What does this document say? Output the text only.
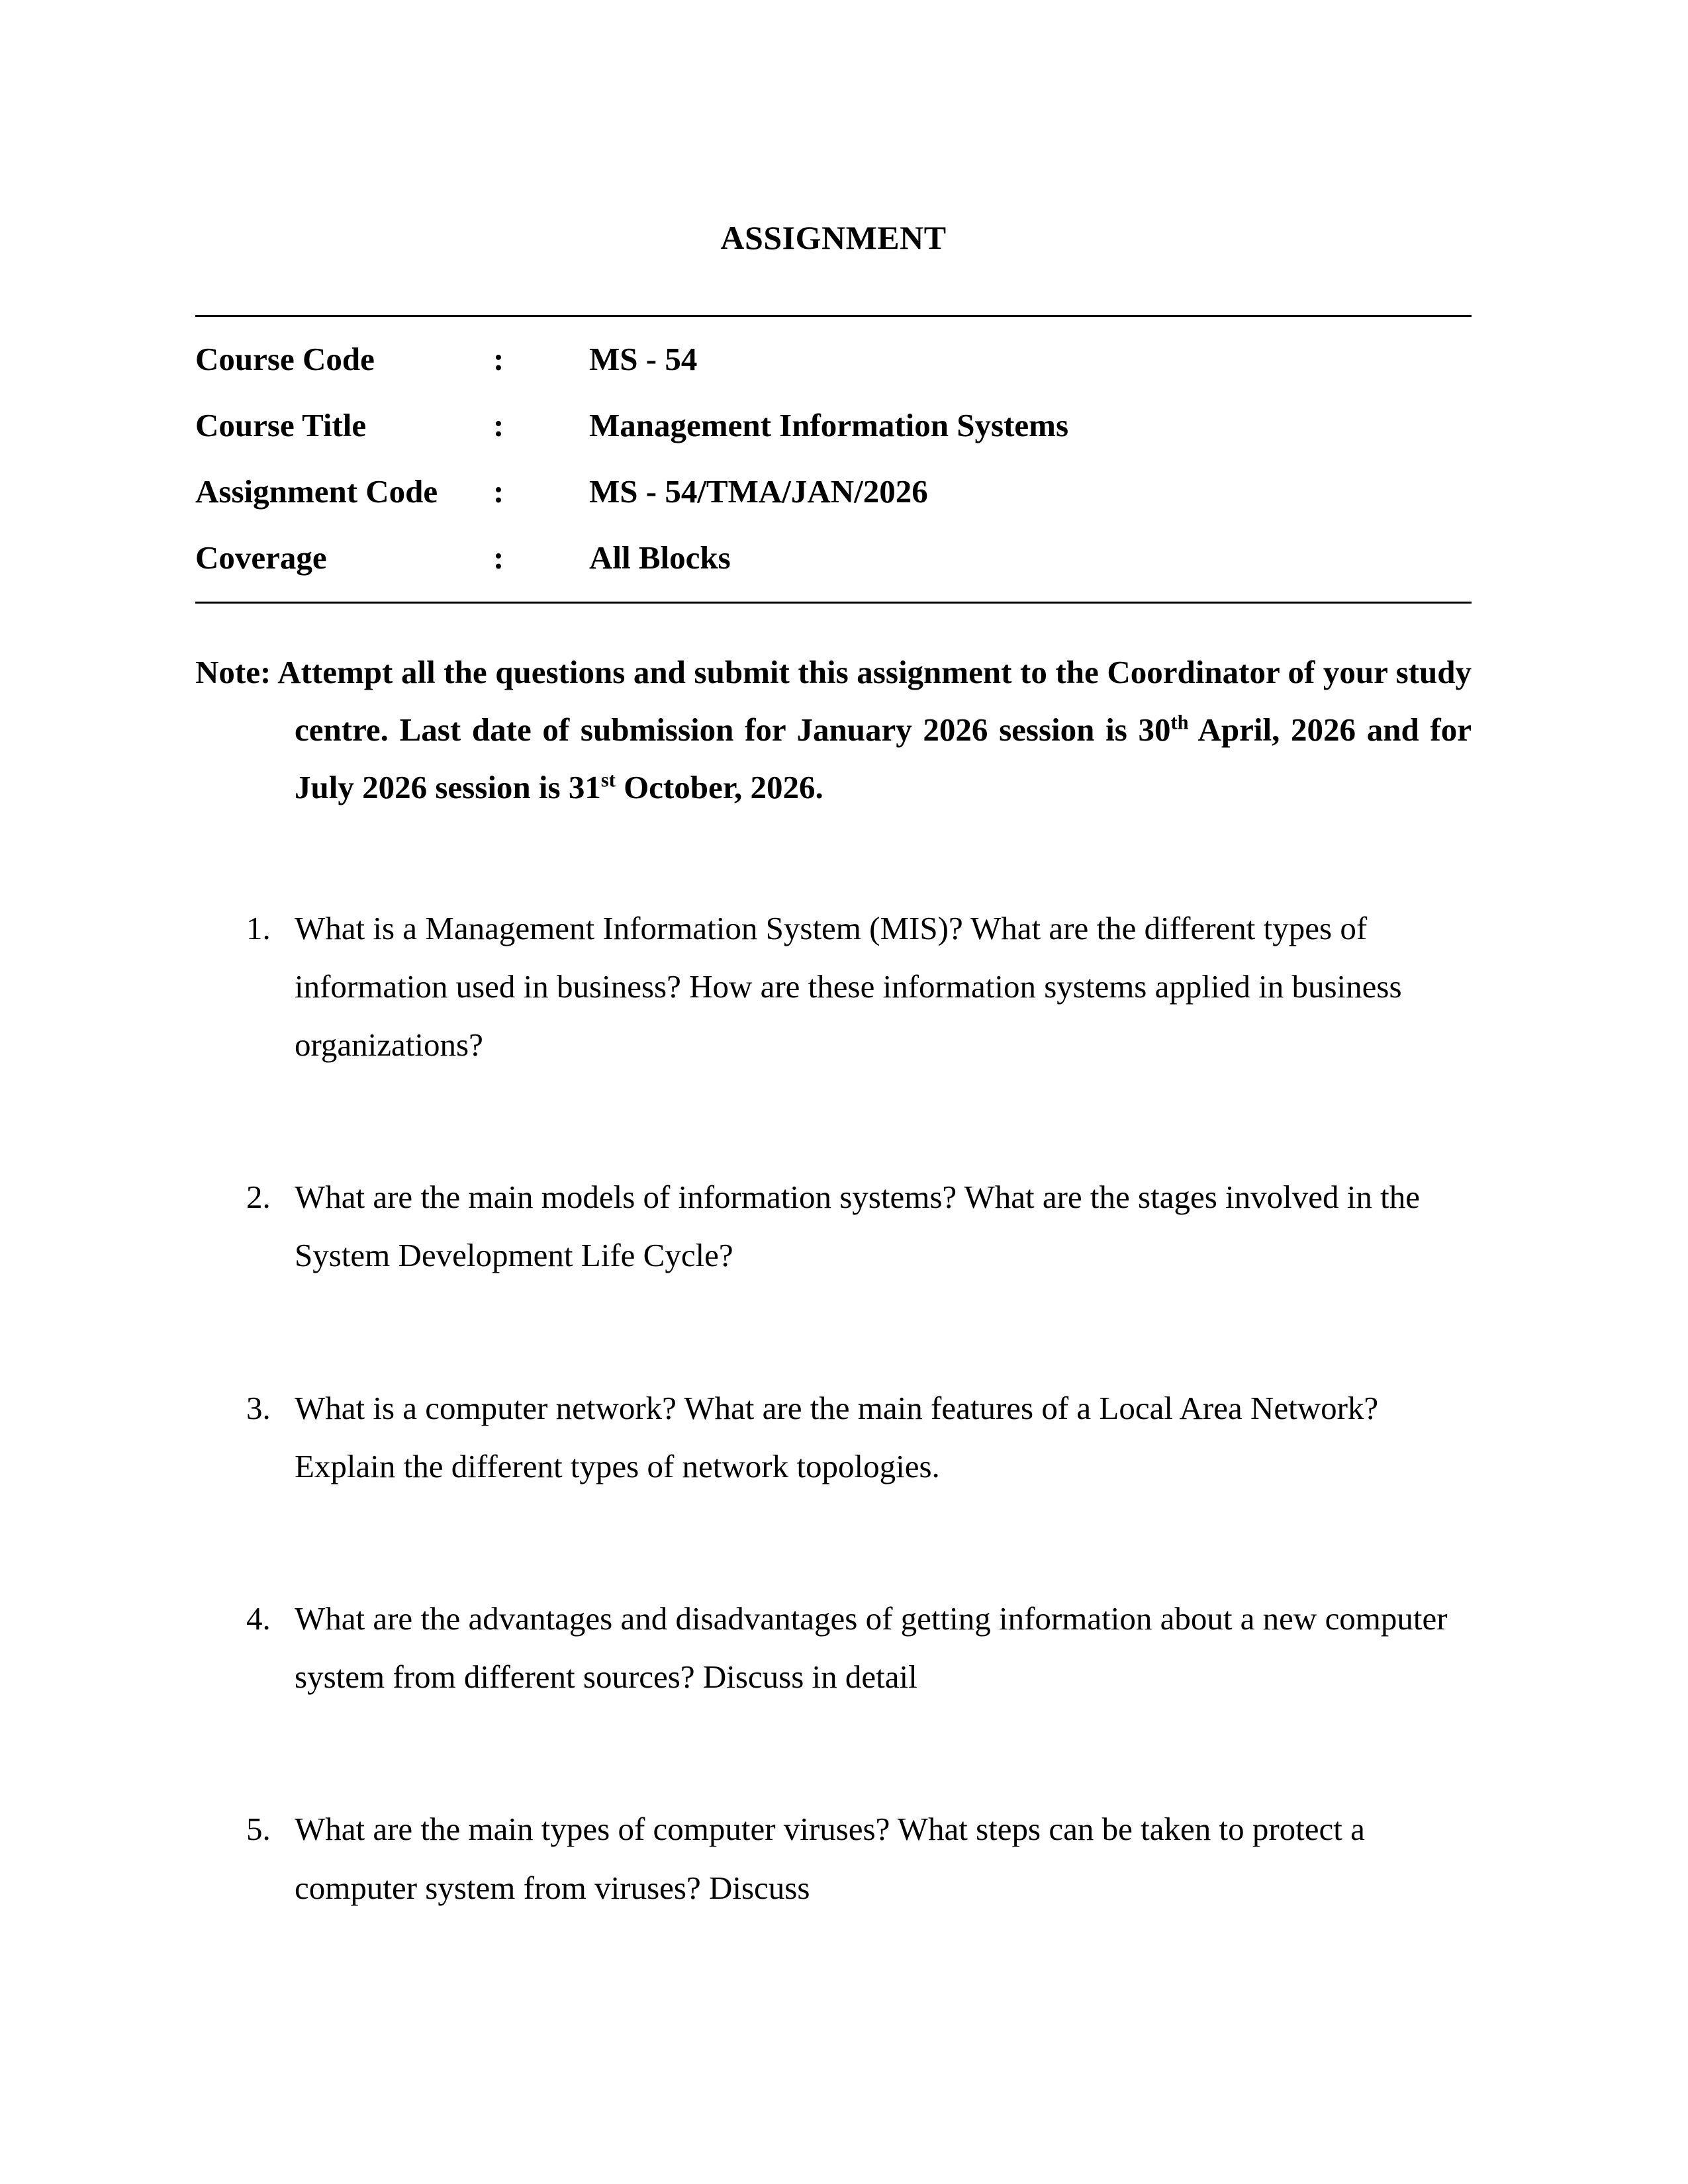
ASSIGNMENT
Course Code	:	MS - 54
Course Title	:	Management Information Systems
Assignment Code	:	MS - 54/TMA/JAN/2026
Coverage	:	All Blocks

Note: Attempt all the questions and submit this assignment to the Coordinator of your study centre. Last date of submission for January 2026 session is 30th April, 2026 and for July 2026 session is 31st October, 2026.

1. What is a Management Information System (MIS)? What are the different types of information used in business? How are these information systems applied in business organizations?
2. What are the main models of information systems? What are the stages involved in the System Development Life Cycle?
3. What is a computer network? What are the main features of a Local Area Network? Explain the different types of network topologies.
4. What are the advantages and disadvantages of getting information about a new computer system from different sources? Discuss in detail
5. What are the main types of computer viruses? What steps can be taken to protect a computer system from viruses? Discuss
